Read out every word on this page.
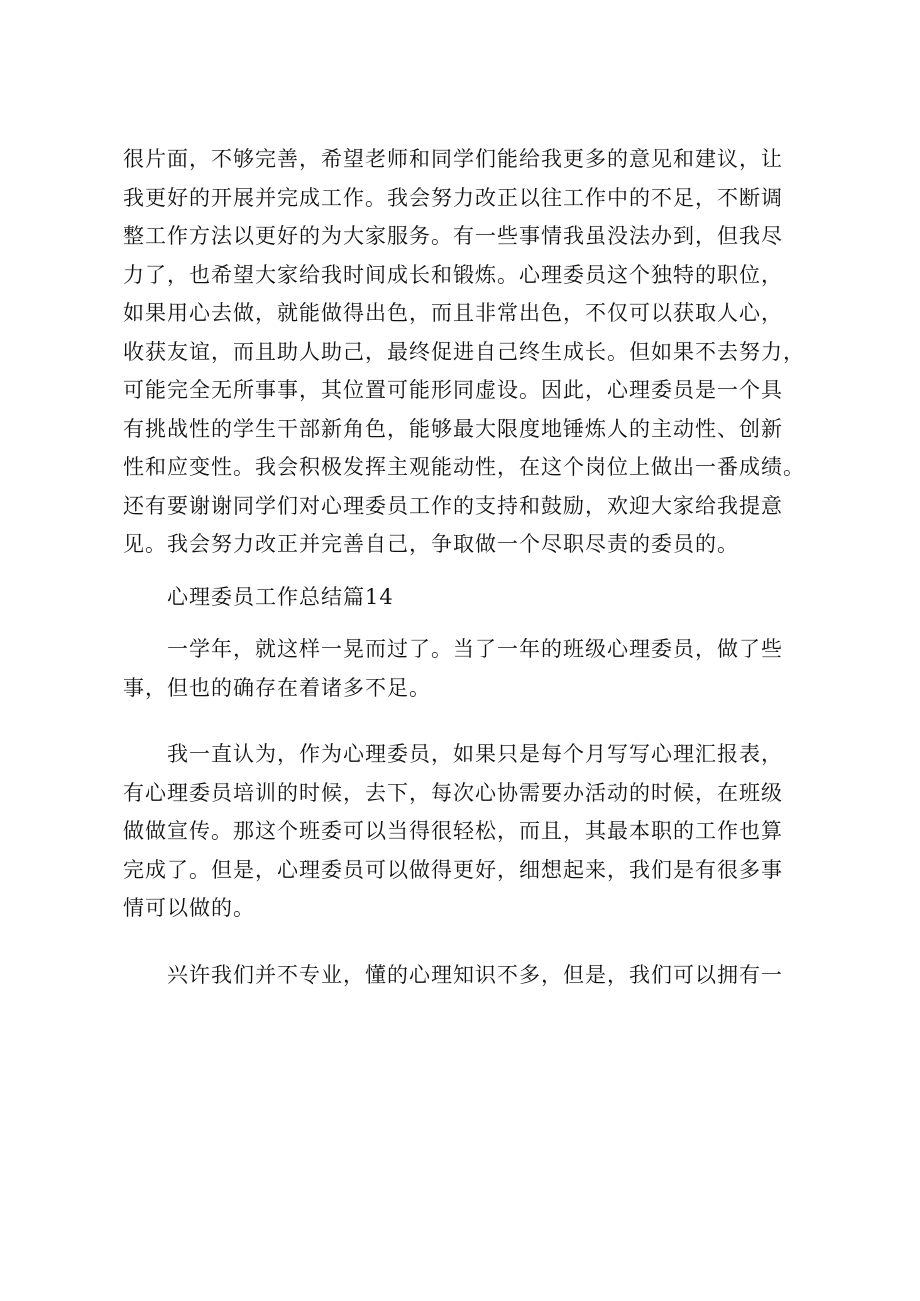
很片面，不够完善，希望老师和同学们能给我更多的意见和建议，让
我更好的开展并完成工作。我会努力改正以往工作中的不足，不断调
整工作方法以更好的为大家服务。有一些事情我虽没法办到，但我尽
力了，也希望大家给我时间成长和锻炼。心理委员这个独特的职位，
如果用心去做，就能做得出色，而且非常出色，不仅可以获取人心，
收获友谊，而且助人助己，最终促进自己终生成长。但如果不去努力，
可能完全无所事事，其位置可能形同虚设。因此，心理委员是一个具
有挑战性的学生干部新角色，能够最大限度地锤炼人的主动性、创新
性和应变性。我会积极发挥主观能动性，在这个岗位上做出一番成绩。
还有要谢谢同学们对心理委员工作的支持和鼓励，欢迎大家给我提意
见。我会努力改正并完善自己，争取做一个尽职尽责的委员的。
心理委员工作总结篇14
一学年，就这样一晃而过了。当了一年的班级心理委员，做了些
事，但也的确存在着诸多不足。
我一直认为，作为心理委员，如果只是每个月写写心理汇报表，
有心理委员培训的时候，去下，每次心协需要办活动的时候，在班级
做做宣传。那这个班委可以当得很轻松，而且，其最本职的工作也算
完成了。但是，心理委员可以做得更好，细想起来，我们是有很多事
情可以做的。
兴许我们并不专业，懂的心理知识不多，但是，我们可以拥有一
